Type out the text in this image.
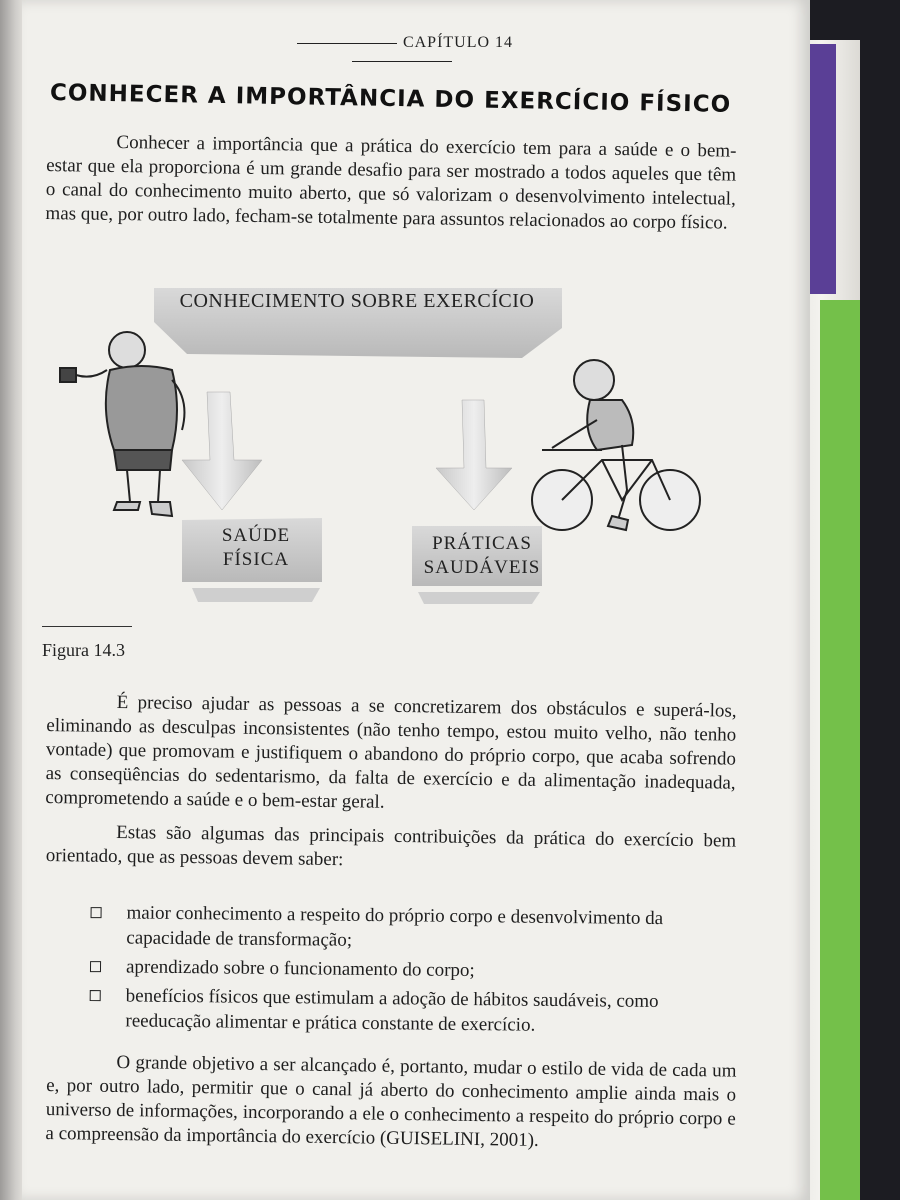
CAPÍTULO 14
CONHECER A IMPORTÂNCIA DO EXERCÍCIO FÍSICO
Conhecer a importância que a prática do exercício tem para a saúde e o bem-estar que ela proporciona é um grande desafio para ser mostrado a todos aqueles que têm o canal do conhecimento muito aberto, que só valorizam o desenvolvimento intelectual, mas que, por outro lado, fecham-se totalmente para assuntos relacionados ao corpo físico.
CONHECIMENTO SOBRE EXERCÍCIO
SAÚDE
FÍSICA
PRÁTICAS
SAUDÁVEIS
Figura 14.3
É preciso ajudar as pessoas a se concretizarem dos obstáculos e superá-los, eliminando as desculpas inconsistentes (não tenho tempo, estou muito velho, não tenho vontade) que promovam e justifiquem o abandono do próprio corpo, que acaba sofrendo as conseqüências do sedentarismo, da falta de exercício e da alimentação inadequada, comprometendo a saúde e o bem-estar geral.
Estas são algumas das principais contribuições da prática do exercício bem orientado, que as pessoas devem saber:
maior conhecimento a respeito do próprio corpo e desenvolvimento da capacidade de transformação;
aprendizado sobre o funcionamento do corpo;
benefícios físicos que estimulam a adoção de hábitos saudáveis, como reeducação alimentar e prática constante de exercício.
O grande objetivo a ser alcançado é, portanto, mudar o estilo de vida de cada um e, por outro lado, permitir que o canal já aberto do conhecimento amplie ainda mais o universo de informações, incorporando a ele o conhecimento a respeito do próprio corpo e a compreensão da importância do exercício (GUISELINI, 2001).
